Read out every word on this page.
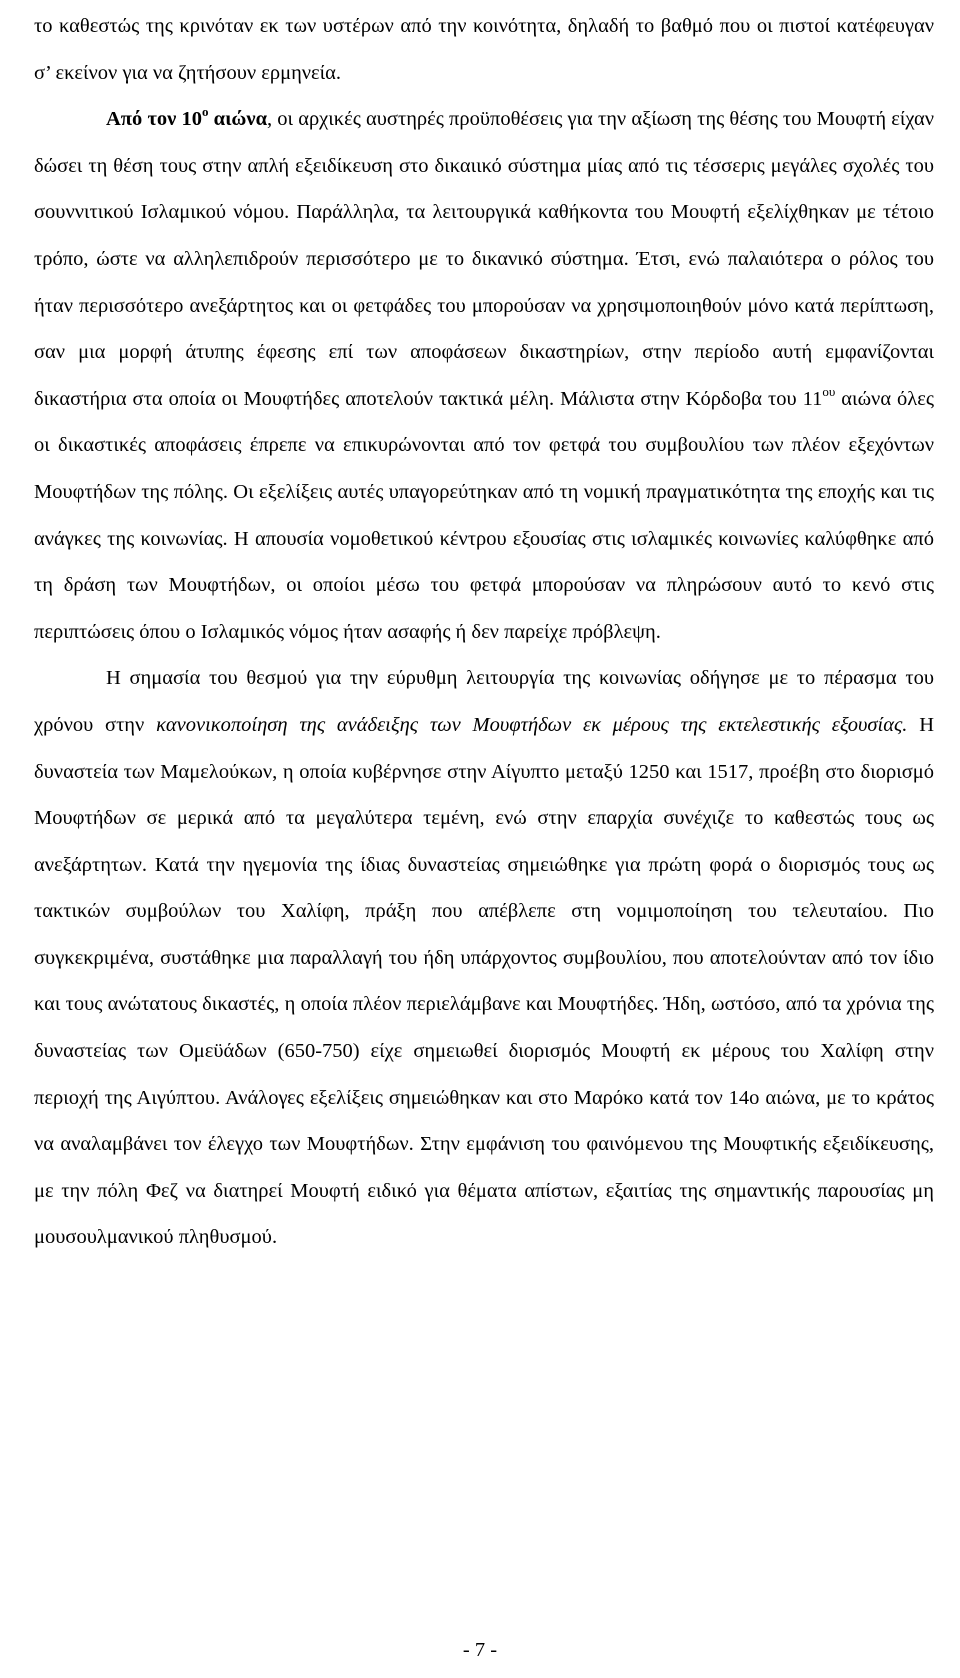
το καθεστώς της κρινόταν εκ των υστέρων από την κοινότητα, δηλαδή το βαθμό που οι πιστοί κατέφευγαν σ’ εκείνον για να ζητήσουν ερμηνεία.

Από τον $10^o$ αιώνα, οι αρχικές αυστηρές προϋποθέσεις για την αξίωση της θέσης του Μουφτή είχαν δώσει τη θέση τους στην απλή εξειδίκευση στο δικαιικό σύστημα μίας από τις τέσσερις μεγάλες σχολές του σουννιτικού Ισλαμικού νόμου. Παράλληλα, τα λειτουργικά καθήκοντα του Μουφτή εξελίχθηκαν με τέτοιο τρόπο, ώστε να αλληλεπιδρούν περισσότερο με το δικανικό σύστημα. Έτσι, ενώ παλαιότερα ο ρόλος του ήταν περισσότερο ανεξάρτητος και οι φετφάδες του μπορούσαν να χρησιμοποιηθούν μόνο κατά περίπτωση, σαν μια μορφή άτυπης έφεσης επί των αποφάσεων δικαστηρίων, στην περίοδο αυτή εμφανίζονται δικαστήρια στα οποία οι Μουφτήδες αποτελούν τακτικά μέλη. Μάλιστα στην Κόρδοβα του $11^{o\upsilon}$ αιώνα όλες οι δικαστικές αποφάσεις έπρεπε να επικυρώνονται από τον φετφά του συμβουλίου των πλέον εξεχόντων Μουφτήδων της πόλης. Οι εξελίξεις αυτές υπαγορεύτηκαν από τη νομική πραγματικότητα της εποχής και τις ανάγκες της κοινωνίας. Η απουσία νομοθετικού κέντρου εξουσίας στις ισλαμικές κοινωνίες καλύφθηκε από τη δράση των Μουφτήδων, οι οποίοι μέσω του φετφά μπορούσαν να πληρώσουν αυτό το κενό στις περιπτώσεις όπου ο Ισλαμικός νόμος ήταν ασαφής ή δεν παρείχε πρόβλεψη.

Η σημασία του θεσμού για την εύρυθμη λειτουργία της κοινωνίας οδήγησε με το πέρασμα του χρόνου στην κανονικοποίηση της ανάδειξης των Μουφτήδων εκ μέρους της εκτελεστικής εξουσίας. Η δυναστεία των Μαμελούκων, η οποία κυβέρνησε στην Αίγυπτο μεταξύ 1250 και 1517, προέβη στο διορισμό Μουφτήδων σε μερικά από τα μεγαλύτερα τεμένη, ενώ στην επαρχία συνέχιζε το καθεστώς τους ως ανεξάρτητων. Κατά την ηγεμονία της ίδιας δυναστείας σημειώθηκε για πρώτη φορά ο διορισμός τους ως τακτικών συμβούλων του Χαλίφη, πράξη που απέβλεπε στη νομιμοποίηση του τελευταίου. Πιο συγκεκριμένα, συστάθηκε μια παραλλαγή του ήδη υπάρχοντος συμβουλίου, που αποτελούνταν από τον ίδιο και τους ανώτατους δικαστές, η οποία πλέον περιελάμβανε και Μουφτήδες. Ήδη, ωστόσο, από τα χρόνια της δυναστείας των Ομεϋάδων (650-750) είχε σημειωθεί διορισμός Μουφτή εκ μέρους του Χαλίφη στην περιοχή της Αιγύπτου. Ανάλογες εξελίξεις σημειώθηκαν και στο Μαρόκο κατά τον 14ο αιώνα, με το κράτος να αναλαμβάνει τον έλεγχο των Μουφτήδων. Στην εμφάνιση του φαινόμενου της Μουφτικής εξειδίκευσης, με την πόλη Φεζ να διατηρεί Μουφτή ειδικό για θέματα απίστων, εξαιτίας της σημαντικής παρουσίας μη μουσουλμανικού πληθυσμού.

- 7 -
